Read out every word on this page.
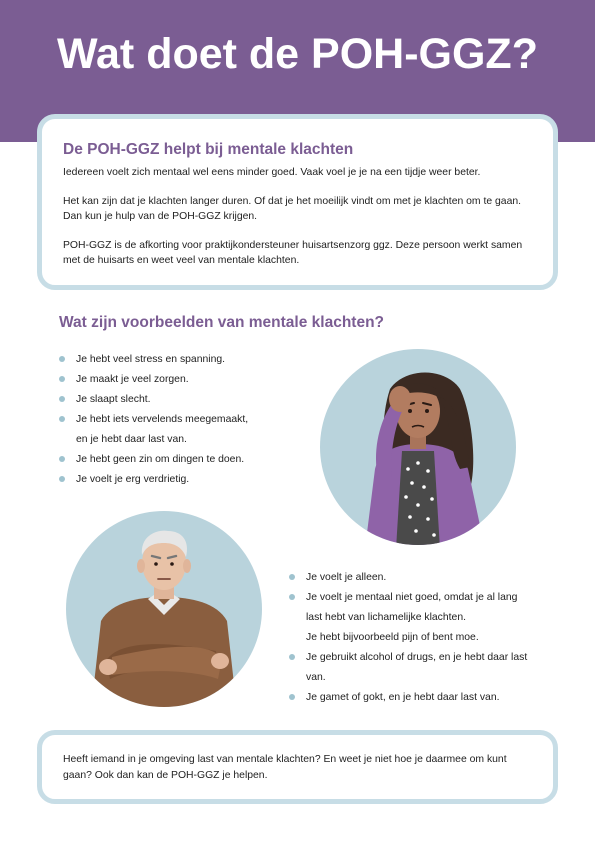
Wat doet de POH-GGZ?
De POH-GGZ helpt bij mentale klachten

Iedereen voelt zich mentaal wel eens minder goed. Vaak voel je je na een tijdje weer beter.

Het kan zijn dat je klachten langer duren. Of dat je het moeilijk vindt om met je klachten om te gaan. Dan kun je hulp van de POH-GGZ krijgen.

POH-GGZ is de afkorting voor praktijkondersteuner huisartsenzorg ggz. Deze persoon werkt samen met de huisarts en weet veel van mentale klachten.

Wat zijn voorbeelden van mentale klachten?
Je hebt veel stress en spanning.
Je maakt je veel zorgen.
Je slaapt slecht.
Je hebt iets vervelends meegemaakt,
en je hebt daar last van.
Je hebt geen zin om dingen te doen.
Je voelt je erg verdrietig.
Je voelt je alleen.
Je voelt je mentaal niet goed, omdat je al lang
last hebt van lichamelijke klachten.
Je hebt bijvoorbeeld pijn of bent moe.
Je gebruikt alcohol of drugs, en je hebt daar last
van.
Je gamet of gokt, en je hebt daar last van.

Heeft iemand in je omgeving last van mentale klachten? En weet je niet hoe je daarmee om kunt gaan? Ook dan kan de POH-GGZ je helpen.
